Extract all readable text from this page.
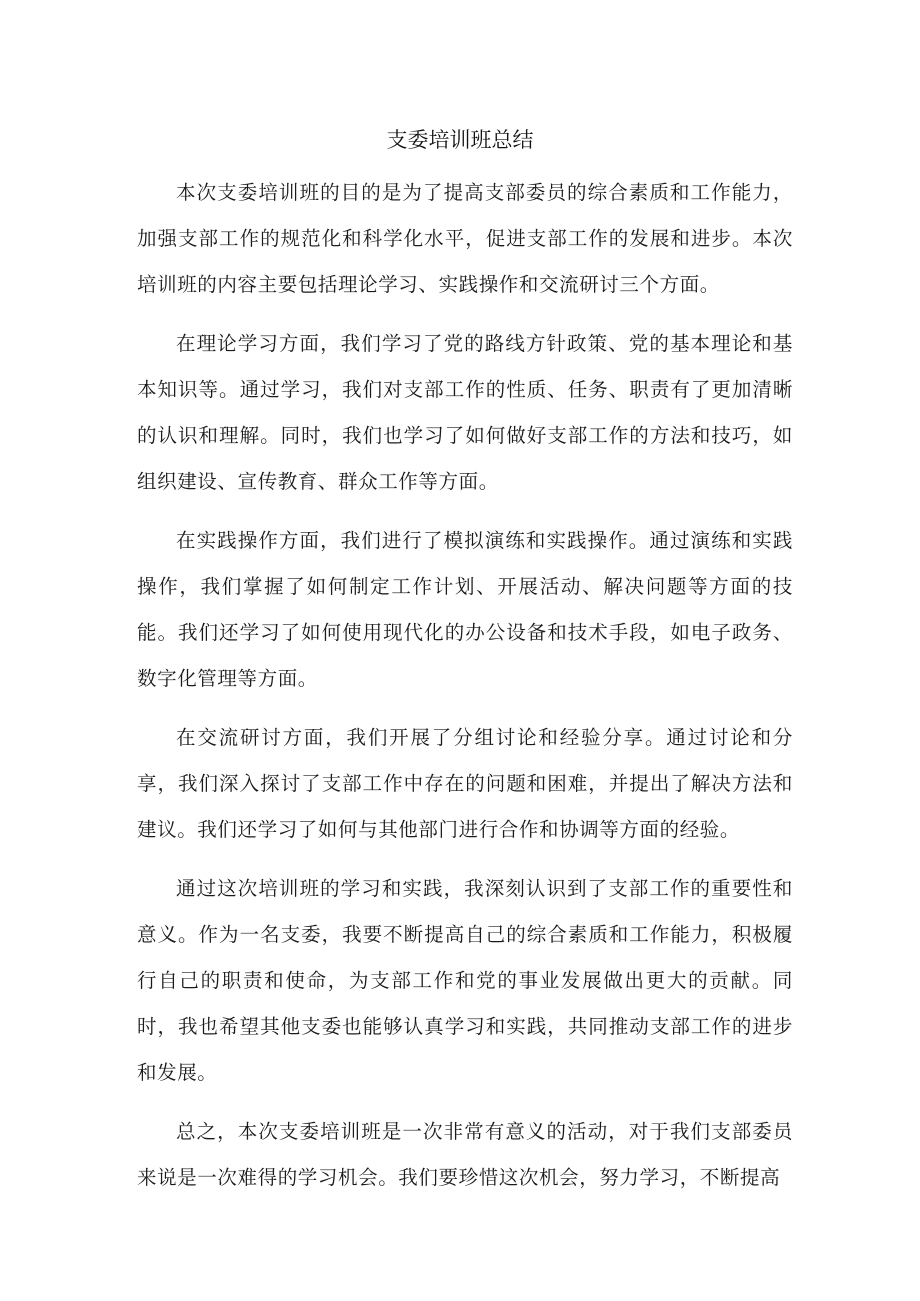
支委培训班总结

本次支委培训班的目的是为了提高支部委员的综合素质和工作能力，加强支部工作的规范化和科学化水平，促进支部工作的发展和进步。本次培训班的内容主要包括理论学习、实践操作和交流研讨三个方面。

在理论学习方面，我们学习了党的路线方针政策、党的基本理论和基本知识等。通过学习，我们对支部工作的性质、任务、职责有了更加清晰的认识和理解。同时，我们也学习了如何做好支部工作的方法和技巧，如组织建设、宣传教育、群众工作等方面。

在实践操作方面，我们进行了模拟演练和实践操作。通过演练和实践操作，我们掌握了如何制定工作计划、开展活动、解决问题等方面的技能。我们还学习了如何使用现代化的办公设备和技术手段，如电子政务、数字化管理等方面。

在交流研讨方面，我们开展了分组讨论和经验分享。通过讨论和分享，我们深入探讨了支部工作中存在的问题和困难，并提出了解决方法和建议。我们还学习了如何与其他部门进行合作和协调等方面的经验。

通过这次培训班的学习和实践，我深刻认识到了支部工作的重要性和意义。作为一名支委，我要不断提高自己的综合素质和工作能力，积极履行自己的职责和使命，为支部工作和党的事业发展做出更大的贡献。同时，我也希望其他支委也能够认真学习和实践，共同推动支部工作的进步和发展。

总之，本次支委培训班是一次非常有意义的活动，对于我们支部委员来说是一次难得的学习机会。我们要珍惜这次机会，努力学习，不断提高
